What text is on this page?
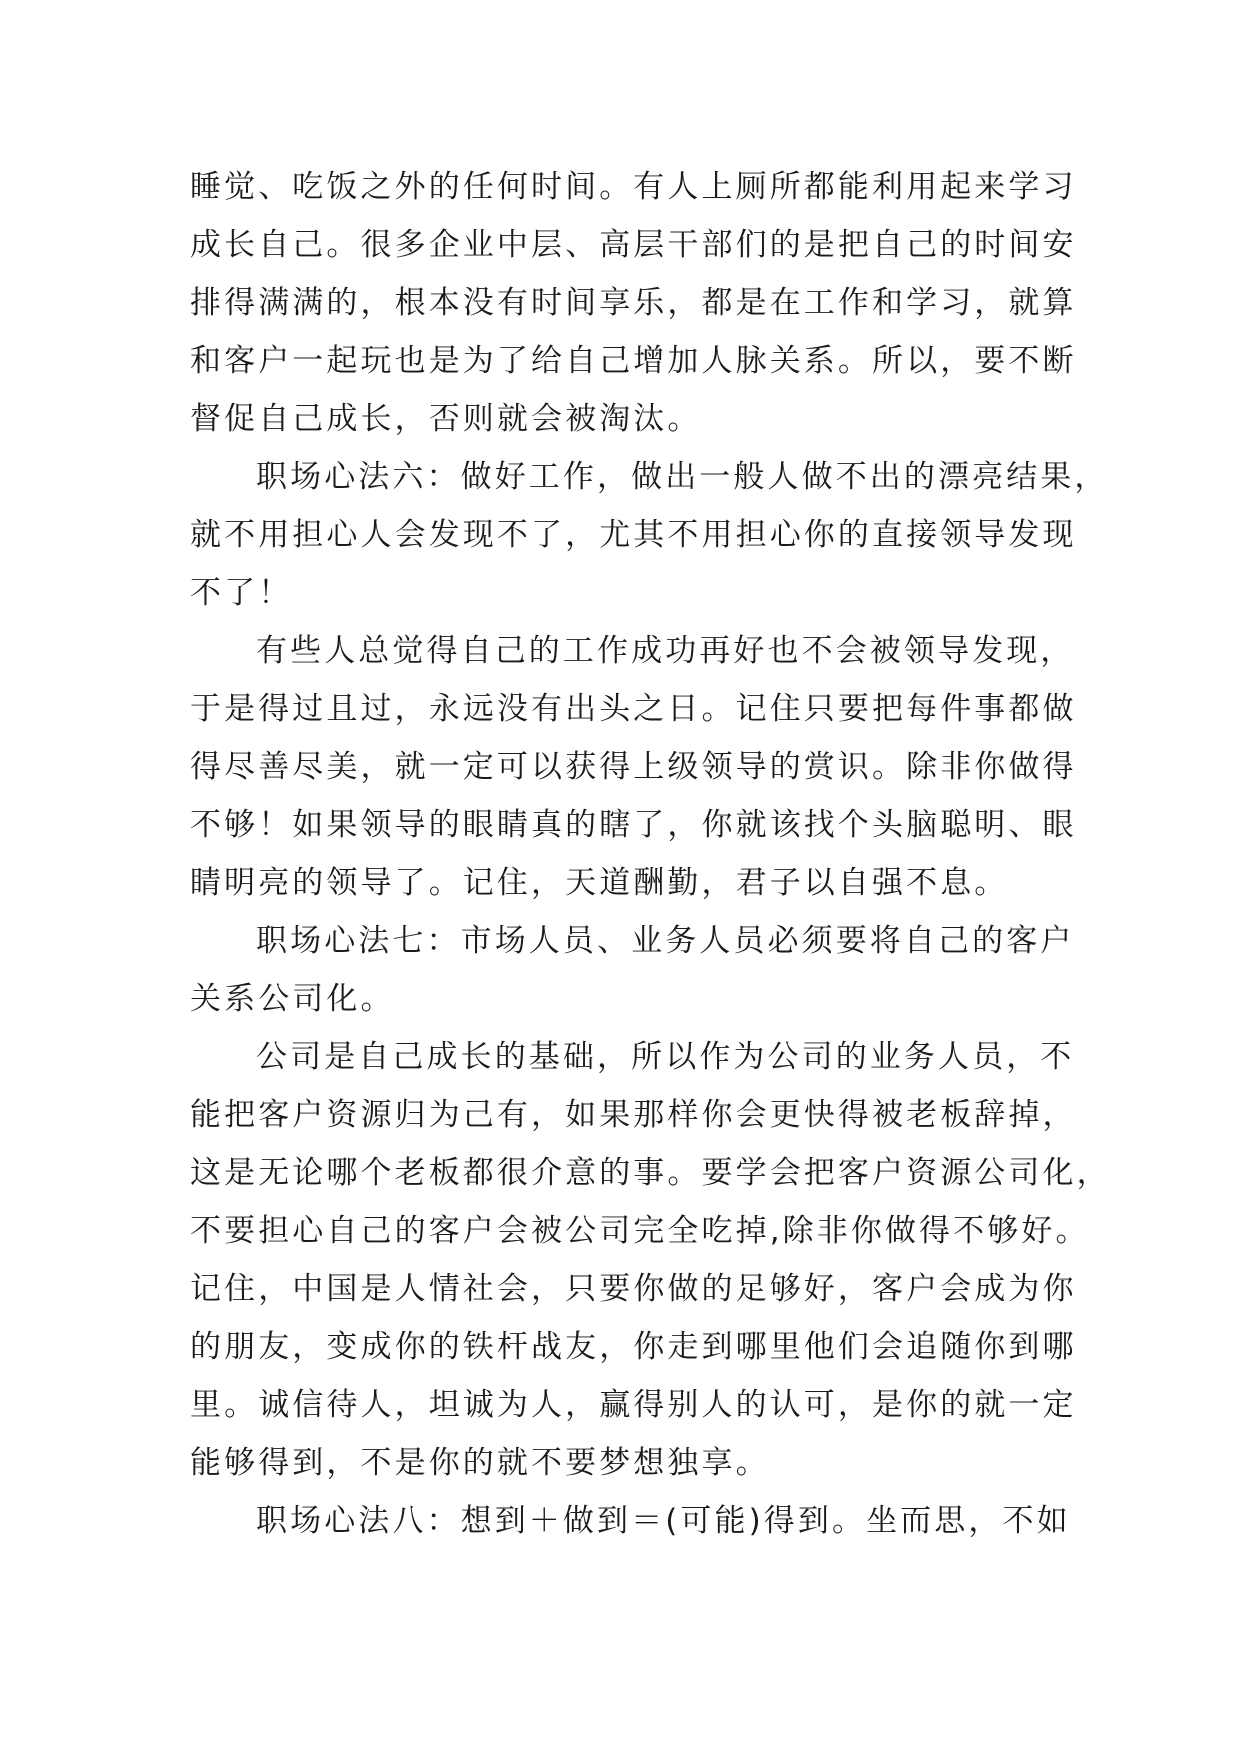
睡觉、吃饭之外的任何时间。有人上厕所都能利用起来学习
成长自己。很多企业中层、高层干部们的是把自己的时间安
排得满满的，根本没有时间享乐，都是在工作和学习，就算
和客户一起玩也是为了给自己增加人脉关系。所以，要不断
督促自己成长，否则就会被淘汰。
职场心法六：做好工作，做出一般人做不出的漂亮结果，
就不用担心人会发现不了，尤其不用担心你的直接领导发现
不了！
有些人总觉得自己的工作成功再好也不会被领导发现，
于是得过且过，永远没有出头之日。记住只要把每件事都做
得尽善尽美，就一定可以获得上级领导的赏识。除非你做得
不够！如果领导的眼睛真的瞎了，你就该找个头脑聪明、眼
睛明亮的领导了。记住，天道酬勤，君子以自强不息。
职场心法七：市场人员、业务人员必须要将自己的客户
关系公司化。
公司是自己成长的基础，所以作为公司的业务人员，不
能把客户资源归为己有，如果那样你会更快得被老板辞掉，
这是无论哪个老板都很介意的事。要学会把客户资源公司化，
不要担心自己的客户会被公司完全吃掉,除非你做得不够好。
记住，中国是人情社会，只要你做的足够好，客户会成为你
的朋友，变成你的铁杆战友，你走到哪里他们会追随你到哪
里。诚信待人，坦诚为人，赢得别人的认可，是你的就一定
能够得到，不是你的就不要梦想独享。
职场心法八：想到＋做到＝(可能)得到。坐而思，不如
